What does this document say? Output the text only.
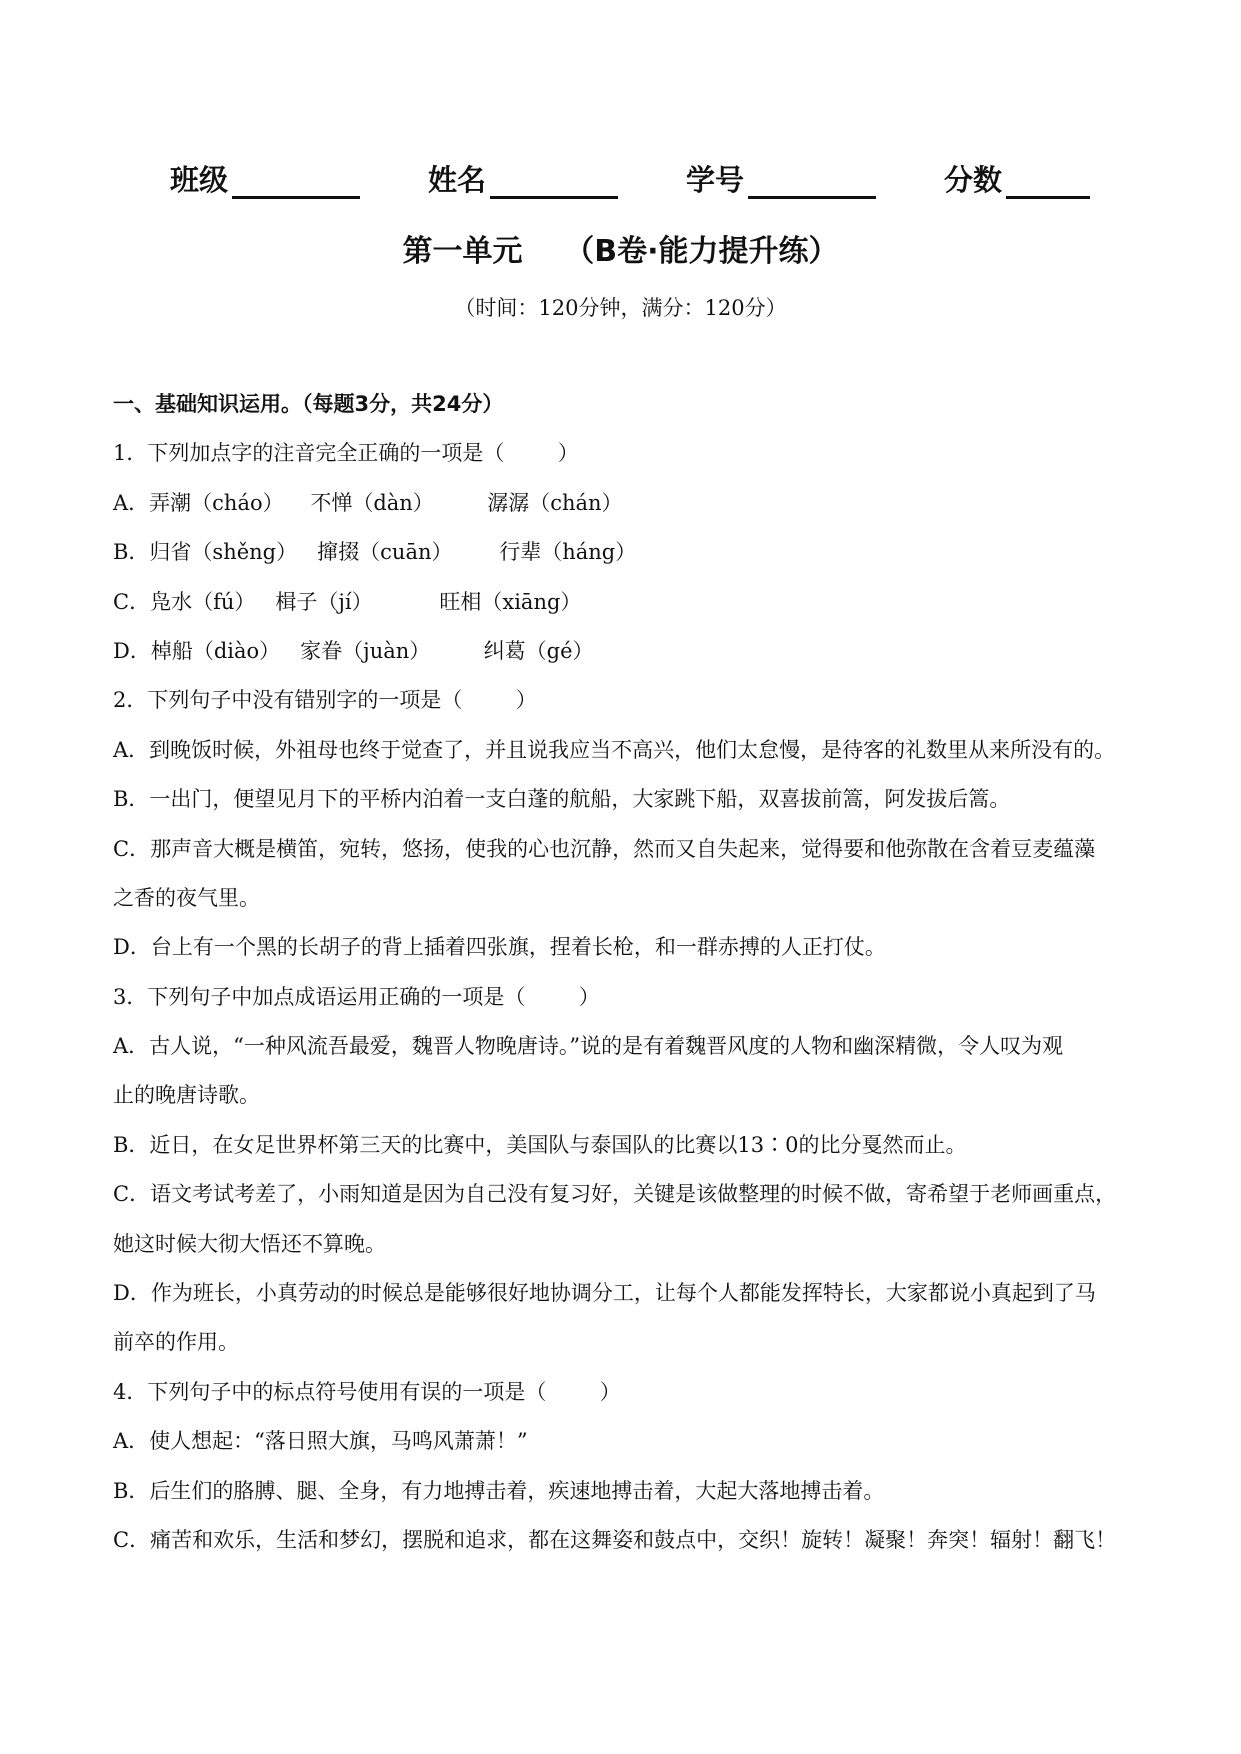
班级	姓名	学号	分数
第一单元    （B卷·能力提升练）
（时间：120分钟，满分：120分）
一、基础知识运用。（每题3分，共24分）
1．下列加点字的注音完全正确的一项是（        ）
A．弄潮（cháo）    不惮（dàn）        潺潺（chán）
B．归省（shěng）   撺掇（cuān）       行辈（háng）
C．凫水（fú）   楫子（jí）          旺相（xiāng）
D．棹船（diào）   家眷（juàn）        纠葛（gé）
2．下列句子中没有错别字的一项是（        ）
A．到晚饭时候，外祖母也终于觉查了，并且说我应当不高兴，他们太怠慢，是待客的礼数里从来所没有的。
B．一出门，便望见月下的平桥内泊着一支白蓬的航船，大家跳下船，双喜拔前篙，阿发拔后篙。
C．那声音大概是横笛，宛转，悠扬，使我的心也沉静，然而又自失起来，觉得要和他弥散在含着豆麦蕴藻
之香的夜气里。
D．台上有一个黑的长胡子的背上插着四张旗，捏着长枪，和一群赤搏的人正打仗。
3．下列句子中加点成语运用正确的一项是（        ）
A．古人说，“一种风流吾最爱，魏晋人物晚唐诗。”说的是有着魏晋风度的人物和幽深精微，令人叹为观
止的晚唐诗歌。
B．近日，在女足世界杯第三天的比赛中，美国队与泰国队的比赛以13∶0的比分戛然而止。
C．语文考试考差了，小雨知道是因为自己没有复习好，关键是该做整理的时候不做，寄希望于老师画重点，
她这时候大彻大悟还不算晚。
D．作为班长，小真劳动的时候总是能够很好地协调分工，让每个人都能发挥特长，大家都说小真起到了马
前卒的作用。
4．下列句子中的标点符号使用有误的一项是（        ）
A．使人想起：“落日照大旗，马鸣风萧萧！”
B．后生们的胳膊、腿、全身，有力地搏击着，疾速地搏击着，大起大落地搏击着。
C．痛苦和欢乐，生活和梦幻，摆脱和追求，都在这舞姿和鼓点中，交织！旋转！凝聚！奔突！辐射！翻飞！
